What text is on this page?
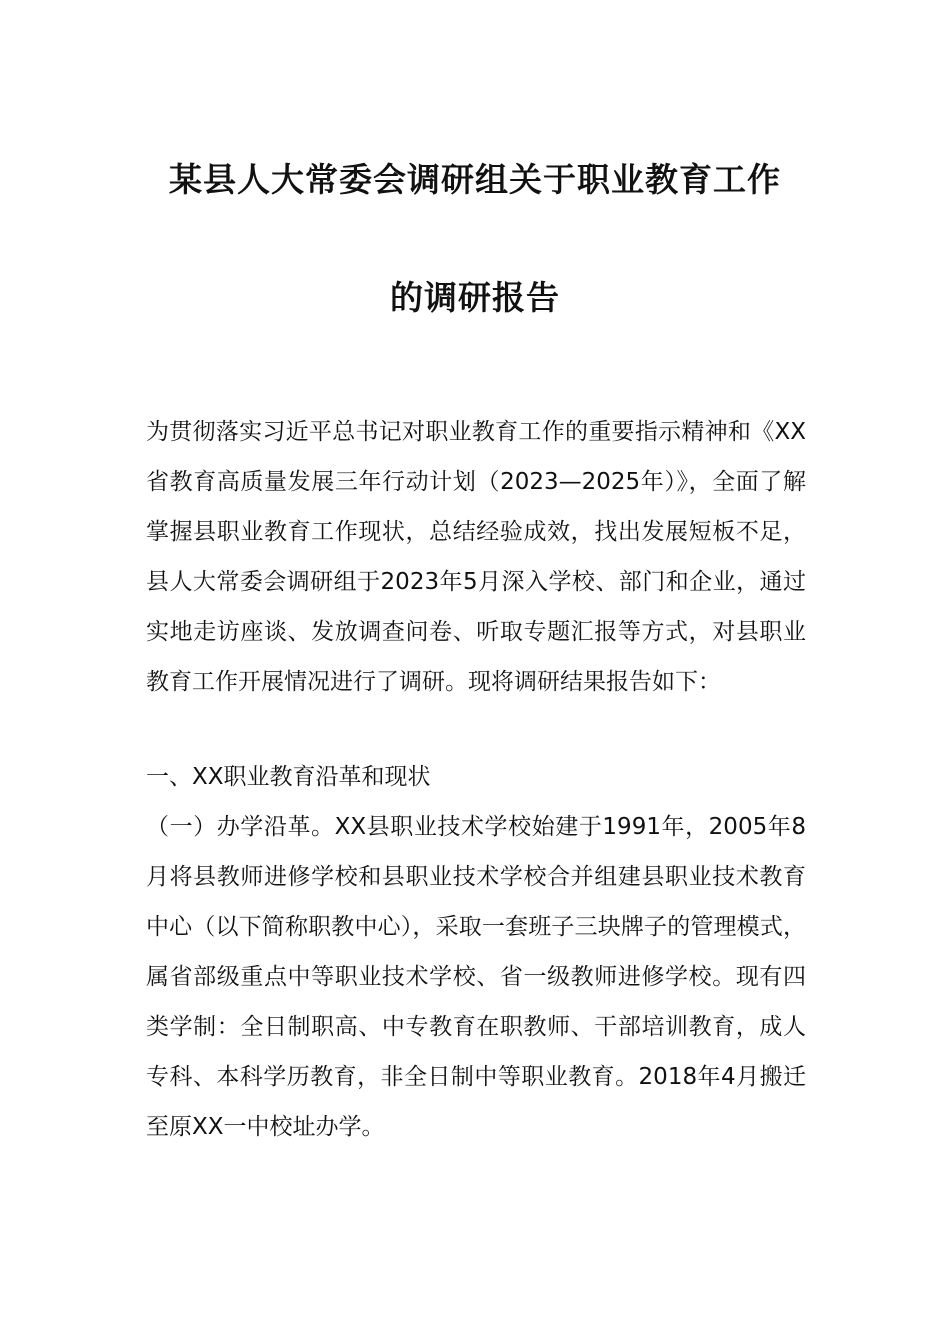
某县人大常委会调研组关于职业教育工作
的调研报告

为贯彻落实习近平总书记对职业教育工作的重要指示精神和《XX省教育高质量发展三年行动计划（2023—2025年）》，全面了解掌握县职业教育工作现状，总结经验成效，找出发展短板不足，县人大常委会调研组于2023年5月深入学校、部门和企业，通过实地走访座谈、发放调查问卷、听取专题汇报等方式，对县职业教育工作开展情况进行了调研。现将调研结果报告如下：

一、XX职业教育沿革和现状

（一）办学沿革。XX县职业技术学校始建于1991年，2005年8月将县教师进修学校和县职业技术学校合并组建县职业技术教育中心（以下简称职教中心），采取一套班子三块牌子的管理模式，属省部级重点中等职业技术学校、省一级教师进修学校。现有四类学制：全日制职高、中专教育在职教师、干部培训教育，成人专科、本科学历教育，非全日制中等职业教育。2018年4月搬迁至原XX一中校址办学。
